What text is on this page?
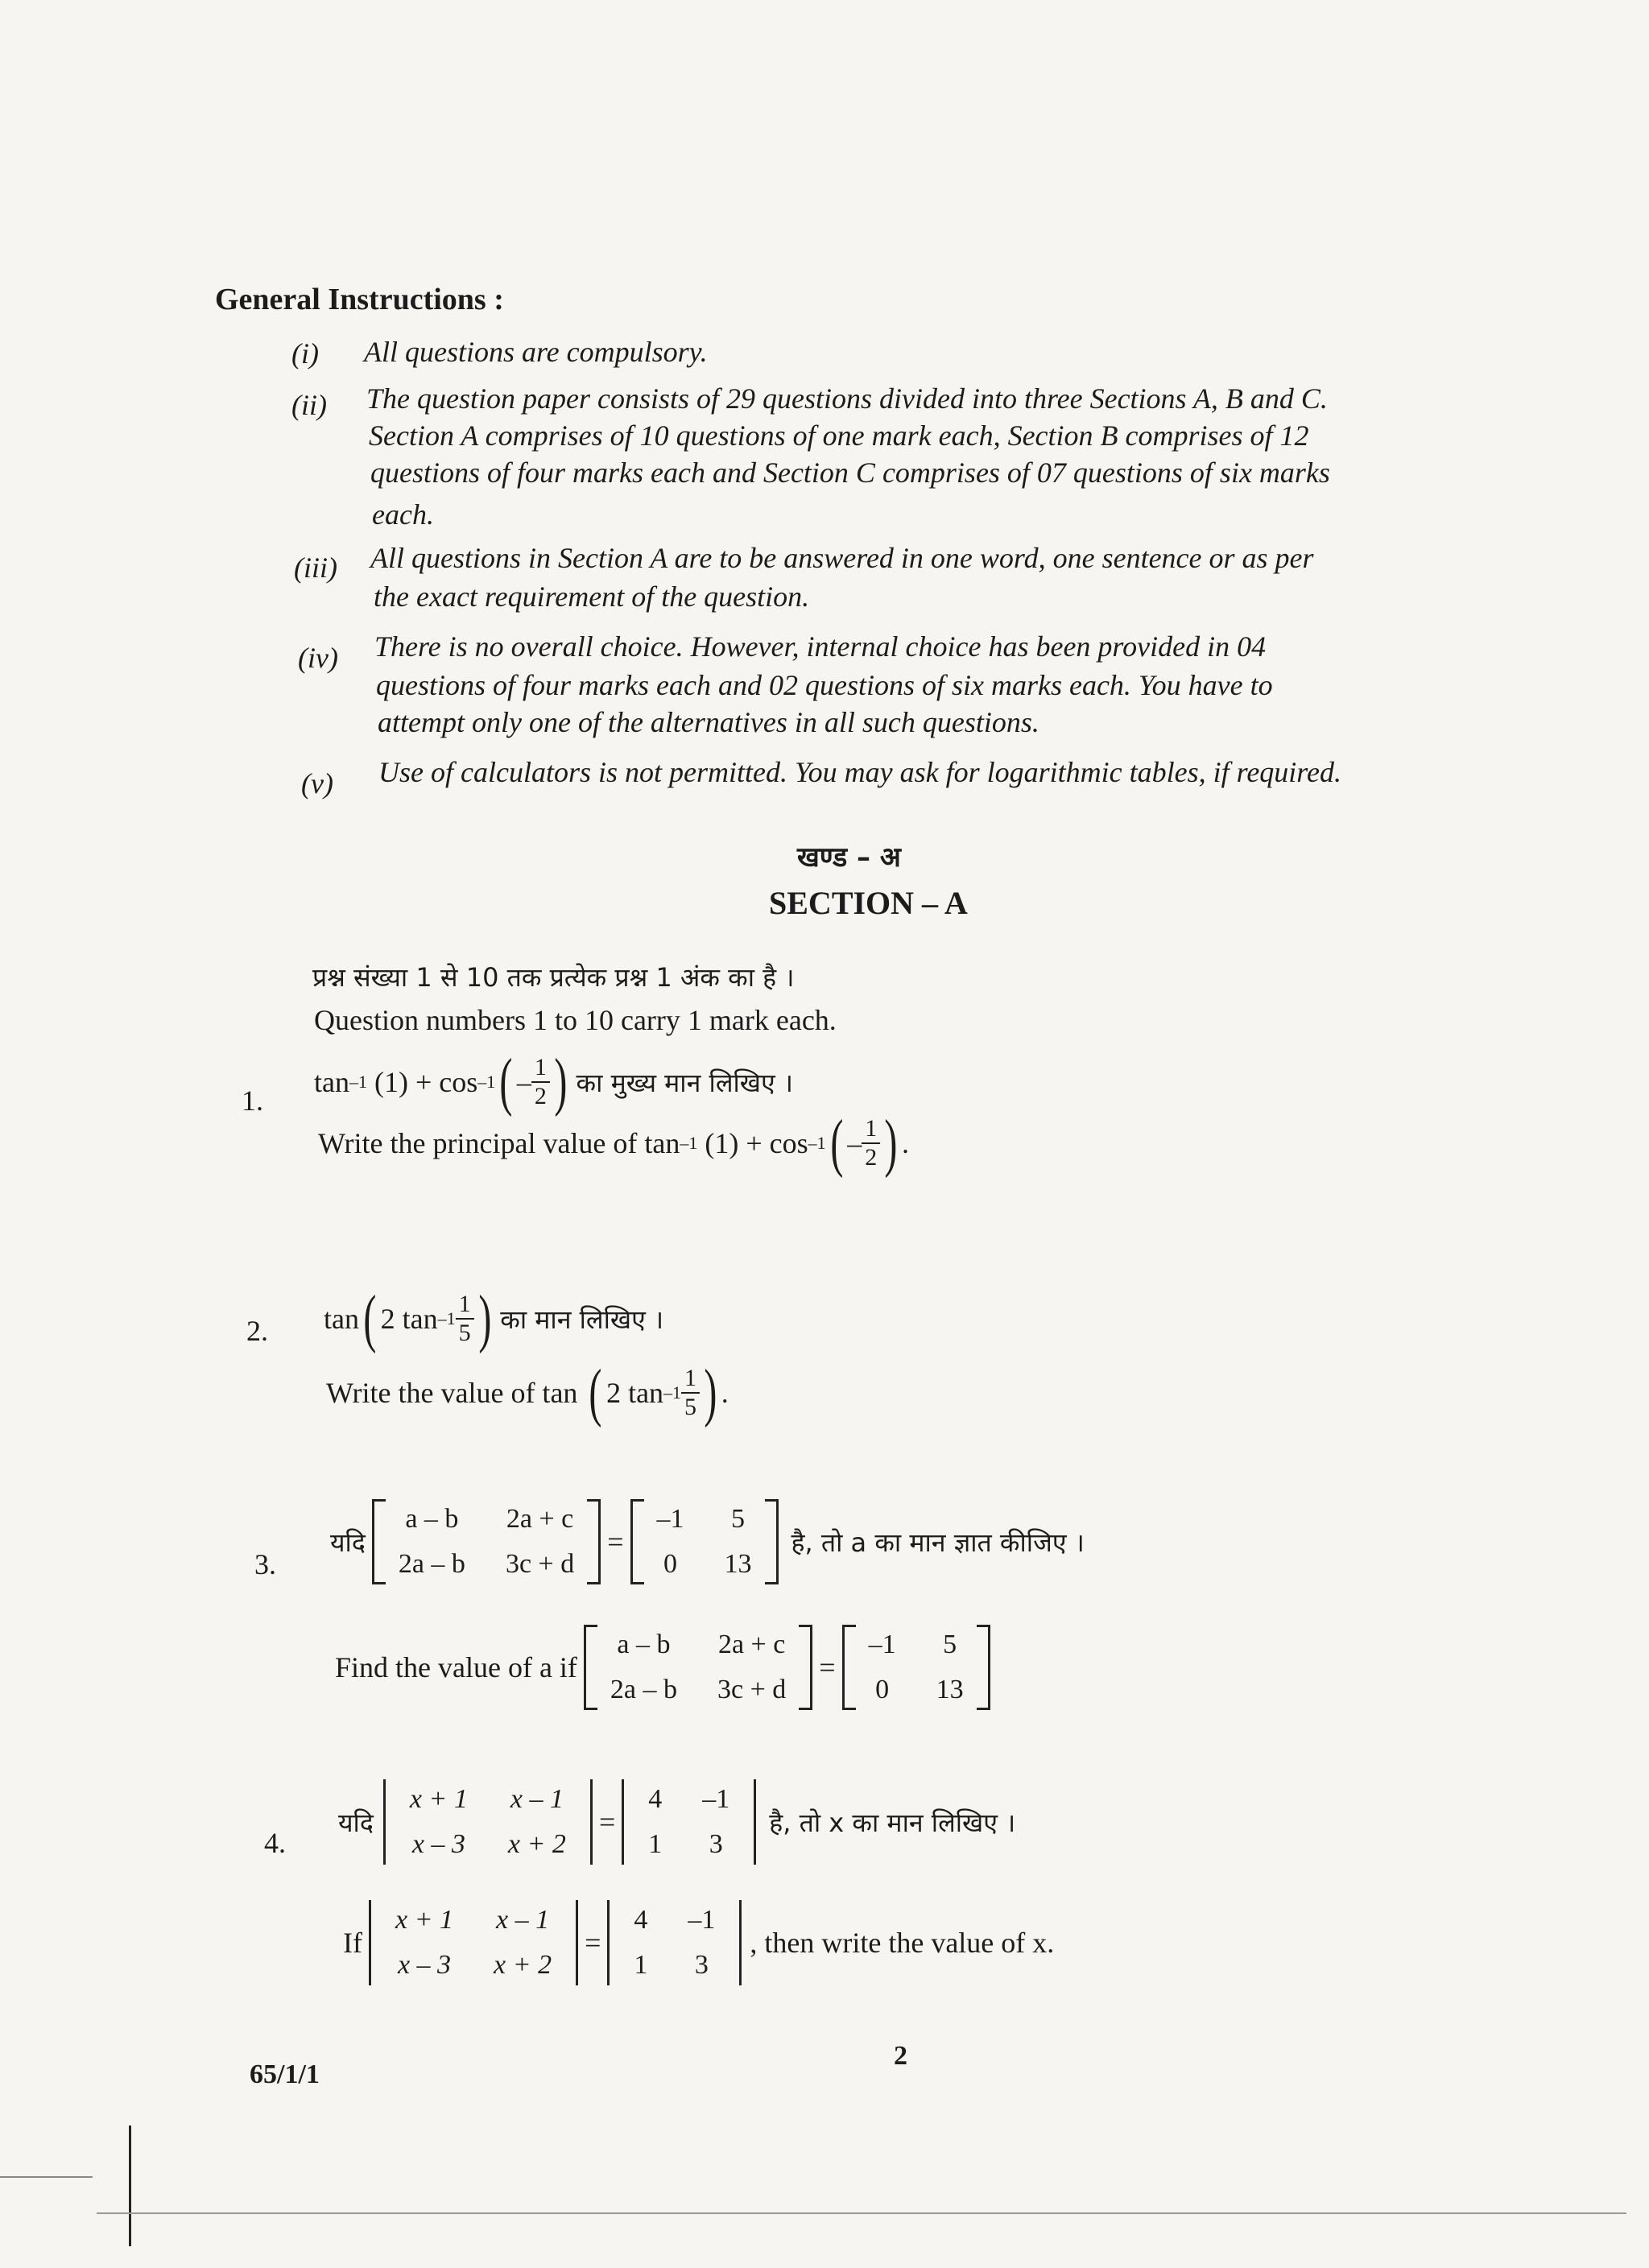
General Instructions :
(i) All questions are compulsory.
(ii) The question paper consists of 29 questions divided into three Sections A, B and C.
Section A comprises of 10 questions of one mark each, Section B comprises of 12
questions of four marks each and Section C comprises of 07 questions of six marks
each.
(iii) All questions in Section A are to be answered in one word, one sentence or as per
the exact requirement of the question.
(iv) There is no overall choice. However, internal choice has been provided in 04
questions of four marks each and 02 questions of six marks each. You have to
attempt only one of the alternatives in all such questions.
(v) Use of calculators is not permitted. You may ask for logarithmic tables, if required.
खण्ड – अ
SECTION – A
प्रश्न संख्या 1 से 10 तक प्रत्येक प्रश्न 1 अंक का है ।
Question numbers 1 to 10 carry 1 mark each.
1.
tan –1
(1) + cos –1 ( – $\frac{1}{2}$ ) का मुख्य मान लिखिए ।
Write the principal value of tan –1
(1) + cos –1 ( – $\frac{1}{2}$ ) .
2. tan ( 2 $\tan -1 \frac{1}{5}$ ) का मान लिखिए ।
Write the value of tan
( 2 $\tan -1 \frac{1}{5}$ ) .
3.
यदि
a – b 2a + c
2a – b 3c + d
=
–1 5
0 13
है, तो a का मान ज्ञात कीजिए ।
Find the value of a if
a – b 2a + c
2a – b 3c + d
=
–1 5
0 13
4.
यदि
x + 1 x – 1
x – 3 x + 2
=
4 –1
1 3
है, तो x का मान लिखिए ।
If
x + 1 x – 1
x – 3 x + 2
=
4 –1
1 3
, then write the value of x.
2
65/1/1
